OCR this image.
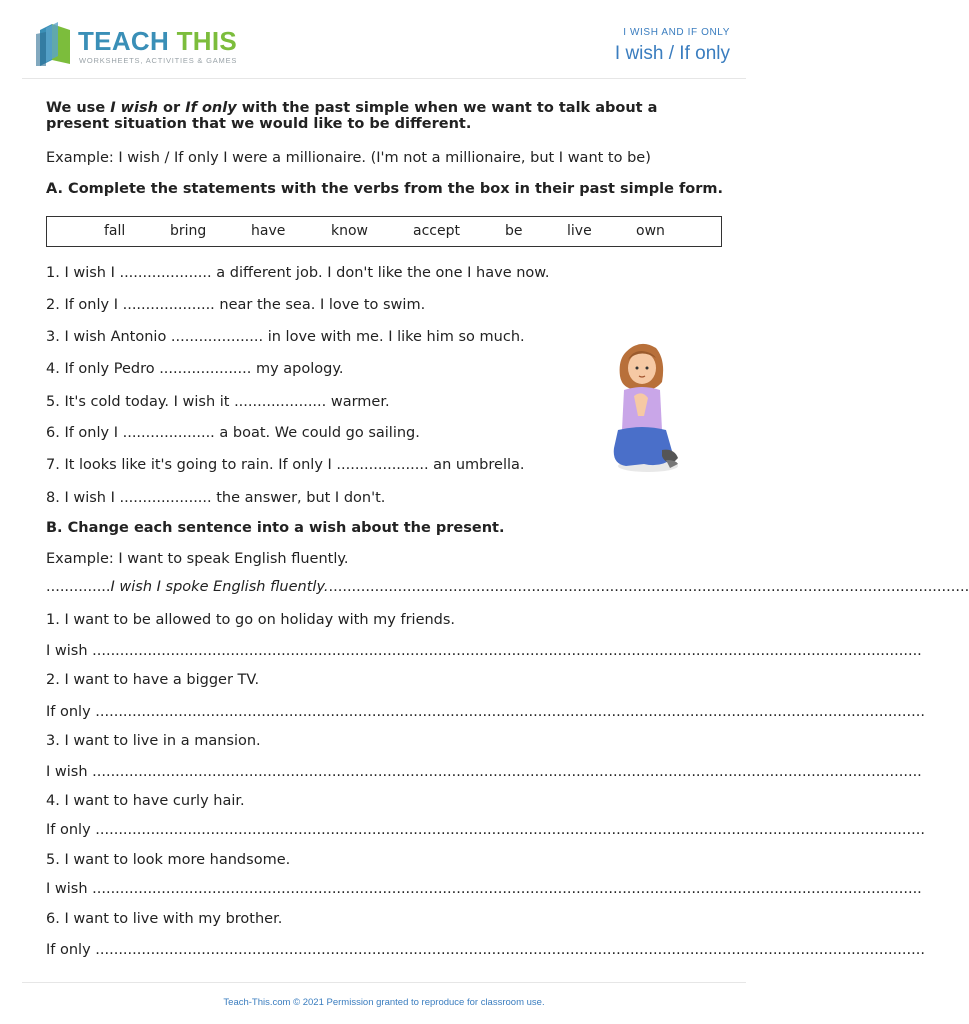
TEACH THIS
WORKSHEETS, ACTIVITIES & GAMES
I WISH AND IF ONLY
I wish / If only
We use I wish or If only with the past simple when we want to talk about a present situation that we would like to be different.
Example: I wish / If only I were a millionaire. (I'm not a millionaire, but I want to be)
A. Complete the statements with the verbs from the box in their past simple form.
fall	bring	have	know	accept	be	live	own
1. I wish I .................... a different job. I don't like the one I have now.
2. If only I .................... near the sea. I love to swim.
3. I wish Antonio .................... in love with me. I like him so much.
4. If only Pedro .................... my apology.
5. It's cold today. I wish it .................... warmer.
6. If only I .................... a boat. We could go sailing.
7. It looks like it's going to rain. If only I .................... an umbrella.
8. I wish I .................... the answer, but I don't.
B. Change each sentence into a wish about the present.
Example: I want to speak English fluently.
..............I wish I spoke English fluently............................................................................................................................................
1. I want to be allowed to go on holiday with my friends.
I wish ....................................................................................................................................................................................
2. I want to have a bigger TV.
If only ....................................................................................................................................................................................
3. I want to live in a mansion.
I wish ....................................................................................................................................................................................
4. I want to have curly hair.
If only ....................................................................................................................................................................................
5. I want to look more handsome.
I wish ....................................................................................................................................................................................
6. I want to live with my brother.
If only ....................................................................................................................................................................................
Teach-This.com © 2021 Permission granted to reproduce for classroom use.
